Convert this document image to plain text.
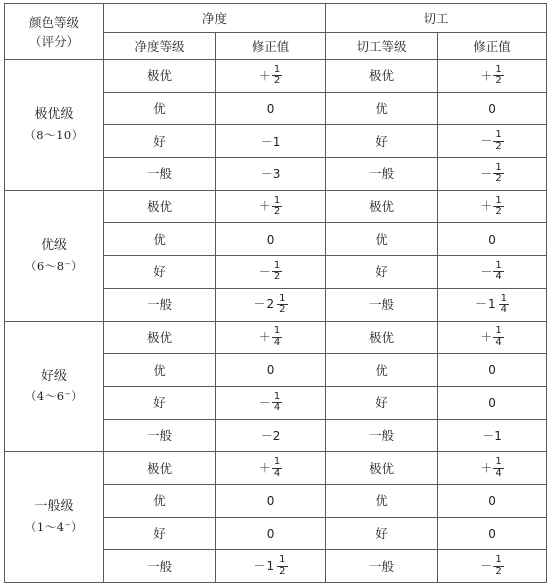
颜色等级
（评分）	净度		切工	
	净度等级	修正值	切工等级	修正值

极优级
（8～10）	极优	＋ $\frac{1}{2}$	极优	＋ $\frac{1}{2}$

	优	0	优	0

	好	－1	好	－ $\frac{1}{2}$

	一般	－3	一般	－ $\frac{1}{2}$

优级
（6～8⁻）	极优	＋ $\frac{1}{2}$	极优	＋ $\frac{1}{2}$

	优	0	优	0

	好	－ $\frac{1}{2}$	好	－ $\frac{1}{4}$

	一般	－ $2 \frac{1}{2}$	一般	－ $1 \frac{1}{4}$

好级
（4～6⁻）	极优	＋ $\frac{1}{4}$	极优	＋ $\frac{1}{4}$

	优	0	优	0

	好	－ $\frac{1}{4}$	好	0

	一般	－2	一般	－1

一般级
（1～4⁻）	极优	＋ $\frac{1}{4}$	极优	＋ $\frac{1}{4}$

	优	0	优	0

	好	0	好	0

	一般	－ $1 \frac{1}{2}$	一般	－ $\frac{1}{2}$
